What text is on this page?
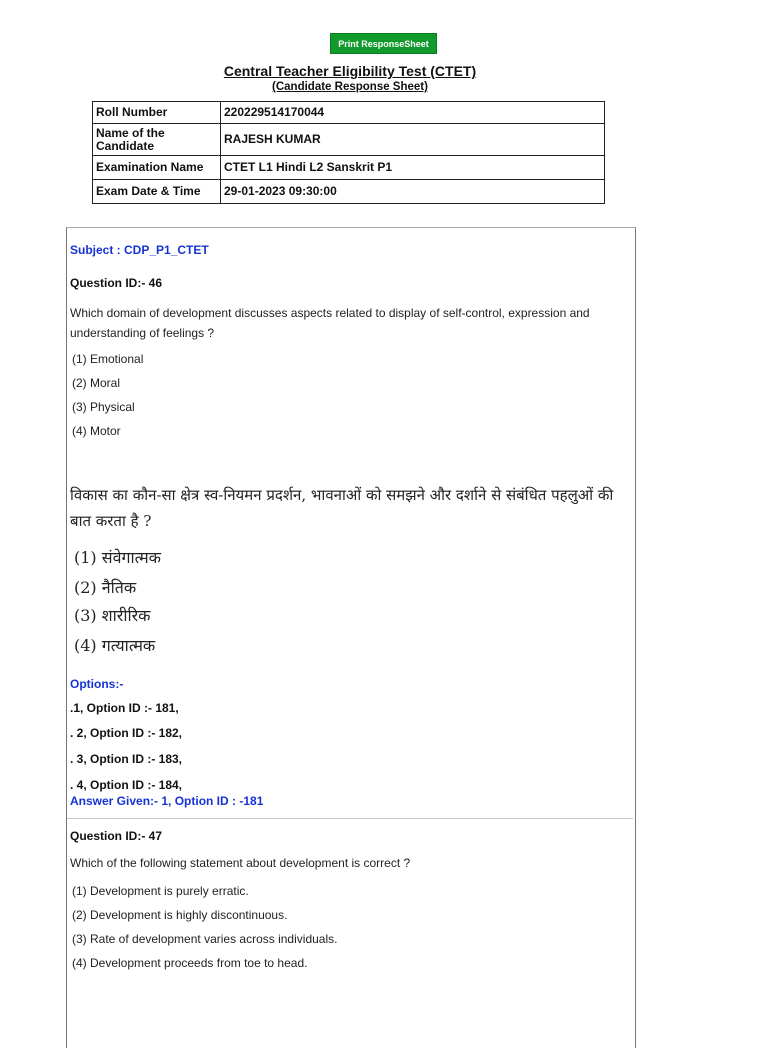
Print ResponseSheet
Central Teacher Eligibility Test (CTET)
(Candidate Response Sheet)
Roll Number	220229514170044
Name of the Candidate	RAJESH KUMAR
Examination Name	CTET L1 Hindi L2 Sanskrit P1
Exam Date & Time	29-01-2023 09:30:00
Subject : CDP_P1_CTET
Question ID:- 46
Which domain of development discusses aspects related to display of self-control, expression and understanding of feelings ?
(1) Emotional
(2) Moral
(3) Physical
(4) Motor
विकास का कौन-सा क्षेत्र स्व-नियमन प्रदर्शन, भावनाओं को समझने और दर्शाने से संबंधित पहलुओं की बात करता है ?
(1) संवेगात्मक
(2) नैतिक
(3) शारीरिक
(4) गत्यात्मक
Options:-
.1, Option ID :- 181,
. 2, Option ID :- 182,
. 3, Option ID :- 183,
. 4, Option ID :- 184,
Answer Given:- 1, Option ID : -181
Question ID:- 47
Which of the following statement about development is correct ?
(1) Development is purely erratic.
(2) Development is highly discontinuous.
(3) Rate of development varies across individuals.
(4) Development proceeds from toe to head.
